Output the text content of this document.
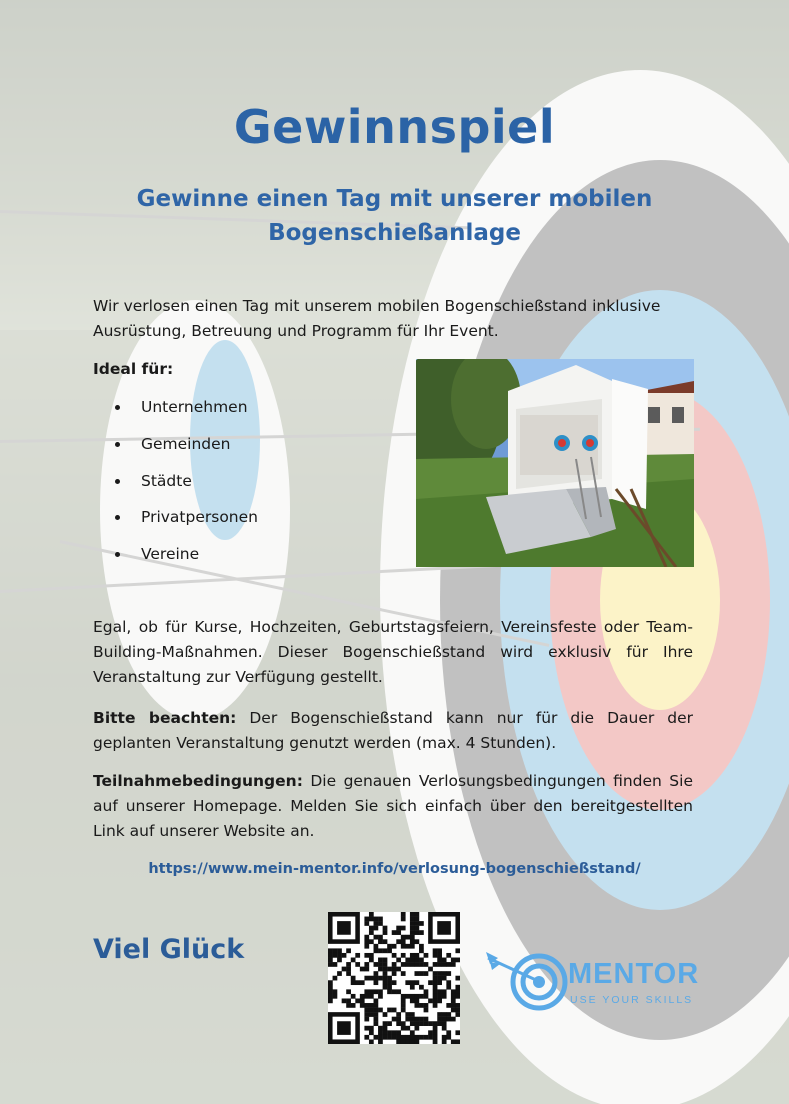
Gewinnspiel
Gewinne einen Tag mit unserer mobilen Bogenschießanlage
Wir verlosen einen Tag mit unserem mobilen Bogenschießstand inklusive Ausrüstung, Betreuung und Programm für Ihr Event.
Ideal für:
Unternehmen
Gemeinden
Städte
Privatpersonen
Vereine
Egal, ob für Kurse, Hochzeiten, Geburtstagsfeiern, Vereinsfeste oder Team-Building-Maßnahmen. Dieser Bogenschießstand wird exklusiv für Ihre Veranstaltung zur Verfügung gestellt.
Bitte beachten: Der Bogenschießstand kann nur für die Dauer der geplanten Veranstaltung genutzt werden (max. 4 Stunden).
Teilnahmebedingungen: Die genauen Verlosungsbedingungen finden Sie auf unserer Homepage. Melden Sie sich einfach über den bereitgestellten Link auf unserer Website an.
https://www.mein-mentor.info/verlosung-bogenschießstand/
Viel Glück
MENTOR
USE YOUR SKILLS
